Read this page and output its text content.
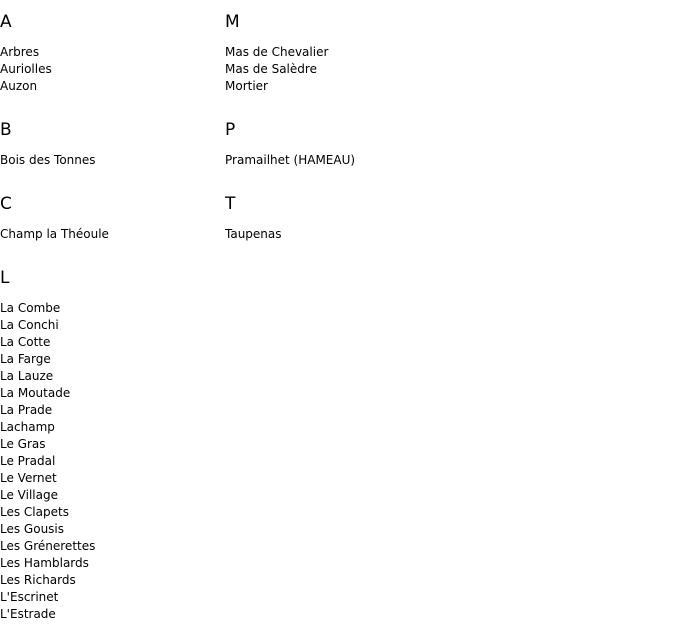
A
Arbres
Auriolles
Auzon
B
Bois des Tonnes
C
Champ la Théoule
L
La Combe
La Conchi
La Cotte
La Farge
La Lauze
La Moutade
La Prade
Lachamp
Le Gras
Le Pradal
Le Vernet
Le Village
Les Clapets
Les Gousis
Les Grénerettes
Les Hamblards
Les Richards
L'Escrinet
L'Estrade
M
Mas de Chevalier
Mas de Salèdre
Mortier
P
Pramailhet (HAMEAU)
T
Taupenas
